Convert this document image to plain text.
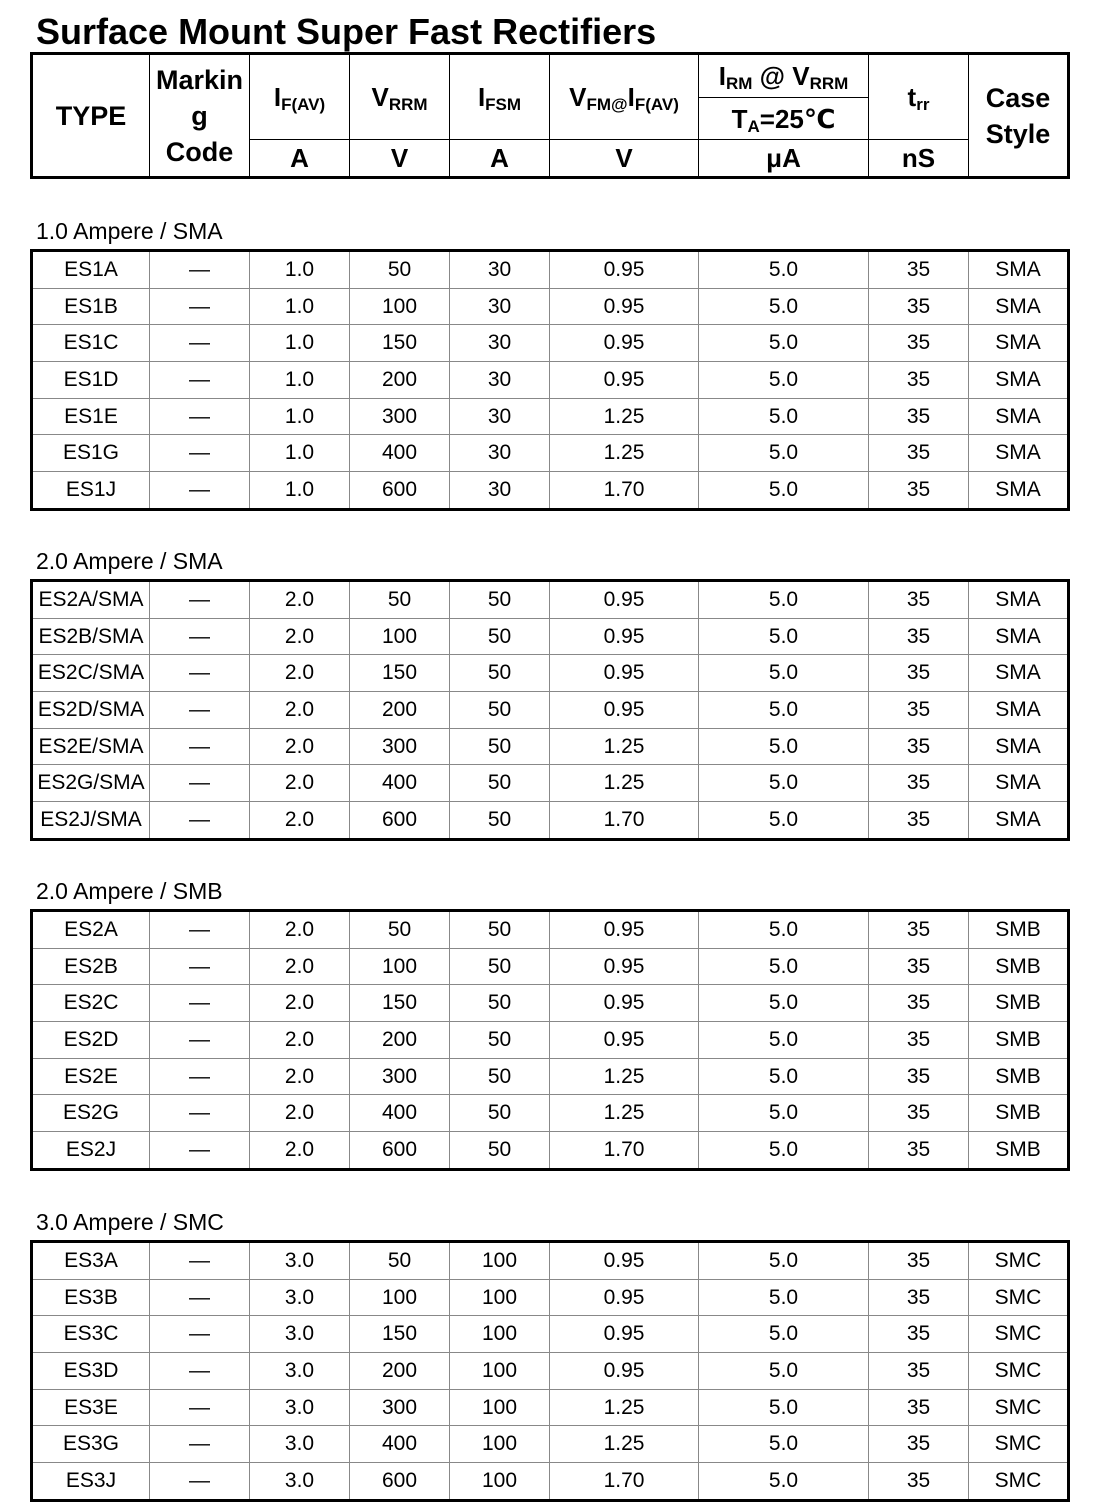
Surface Mount Super Fast Rectifiers
TYPE	Markin
g
Code	$I_{F(AV)}$	$V_{RRM}$	$I_{FSM}$	$V_{FM@}I_{F(AV)}$	$I_{RM}$ @ $V_{RRM}$	$t_{rr}$	Case
Style
						$T_A=25℃$		
		A	V	A	V	μA	nS	
1.0 Ampere / SMA
ES1A	—	1.0	50	30	0.95	5.0	35	SMA
ES1B	—	1.0	100	30	0.95	5.0	35	SMA
ES1C	—	1.0	150	30	0.95	5.0	35	SMA
ES1D	—	1.0	200	30	0.95	5.0	35	SMA
ES1E	—	1.0	300	30	1.25	5.0	35	SMA
ES1G	—	1.0	400	30	1.25	5.0	35	SMA
ES1J	—	1.0	600	30	1.70	5.0	35	SMA
2.0 Ampere / SMA
ES2A/SMA	—	2.0	50	50	0.95	5.0	35	SMA
ES2B/SMA	—	2.0	100	50	0.95	5.0	35	SMA
ES2C/SMA	—	2.0	150	50	0.95	5.0	35	SMA
ES2D/SMA	—	2.0	200	50	0.95	5.0	35	SMA
ES2E/SMA	—	2.0	300	50	1.25	5.0	35	SMA
ES2G/SMA	—	2.0	400	50	1.25	5.0	35	SMA
ES2J/SMA	—	2.0	600	50	1.70	5.0	35	SMA
2.0 Ampere / SMB
ES2A	—	2.0	50	50	0.95	5.0	35	SMB
ES2B	—	2.0	100	50	0.95	5.0	35	SMB
ES2C	—	2.0	150	50	0.95	5.0	35	SMB
ES2D	—	2.0	200	50	0.95	5.0	35	SMB
ES2E	—	2.0	300	50	1.25	5.0	35	SMB
ES2G	—	2.0	400	50	1.25	5.0	35	SMB
ES2J	—	2.0	600	50	1.70	5.0	35	SMB
3.0 Ampere / SMC
ES3A	—	3.0	50	100	0.95	5.0	35	SMC
ES3B	—	3.0	100	100	0.95	5.0	35	SMC
ES3C	—	3.0	150	100	0.95	5.0	35	SMC
ES3D	—	3.0	200	100	0.95	5.0	35	SMC
ES3E	—	3.0	300	100	1.25	5.0	35	SMC
ES3G	—	3.0	400	100	1.25	5.0	35	SMC
ES3J	—	3.0	600	100	1.70	5.0	35	SMC
